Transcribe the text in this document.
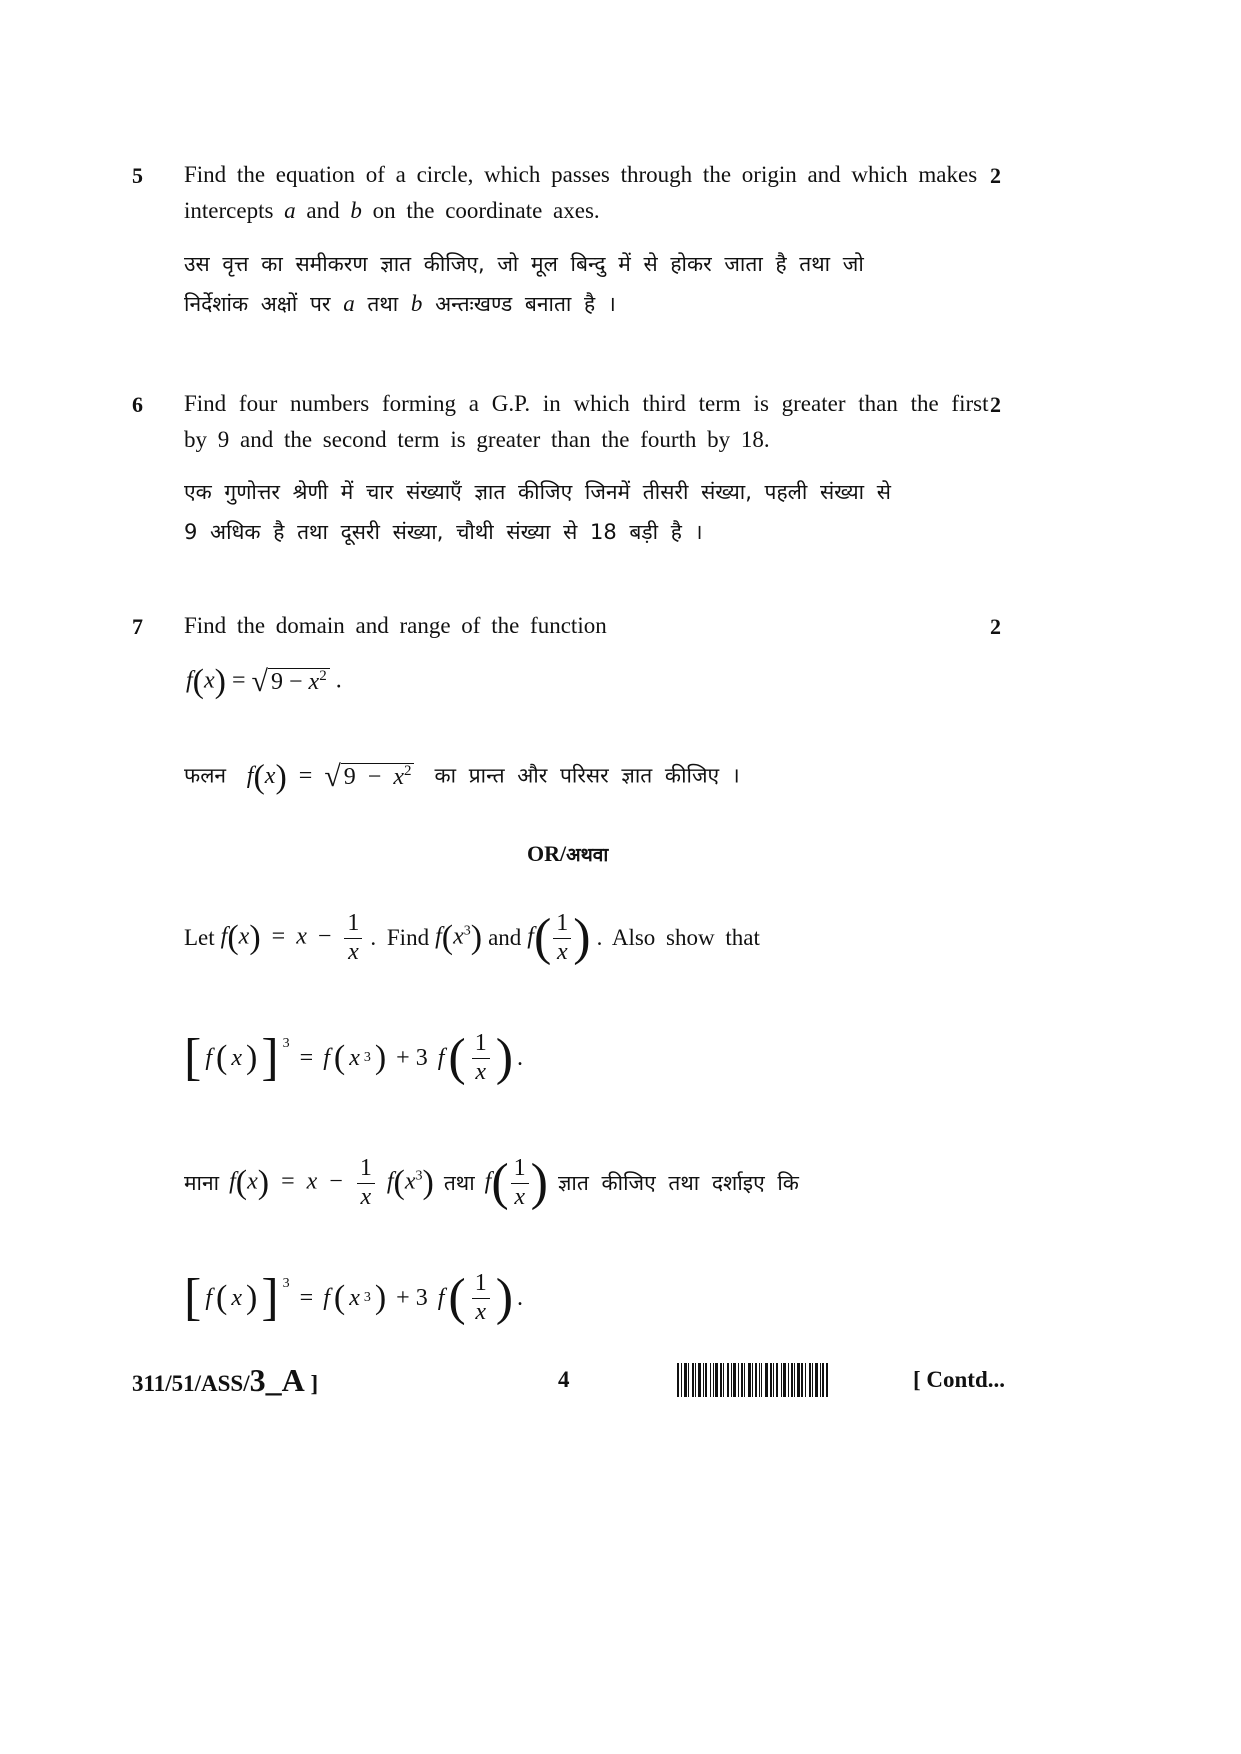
5	2
Find the equation of a circle, which passes through the origin and which makes
intercepts a and b on the coordinate axes.
उस वृत्त का समीकरण ज्ञात कीजिए, जो मूल बिन्दु में से होकर जाता है तथा जो
निर्देशांक अक्षों पर a तथा b अन्तःखण्ड बनाता है ।
6	2
Find four numbers forming a G.P. in which third term is greater than the first
by 9 and the second term is greater than the fourth by 18.
एक गुणोत्तर श्रेणी में चार संख्याएँ ज्ञात कीजिए जिनमें तीसरी संख्या, पहली संख्या से
9 अधिक है तथा दूसरी संख्या, चौथी संख्या से 18 बड़ी है ।
7	2
Find the domain and range of the function
f(x) = √ $9 - x^2$ .
फलन f(x) = √ $9 - x^2$ का प्रान्त और परिसर ज्ञात कीजिए ।
OR/अथवा
Let $f(x) = x - \frac{1}{x}$ . Find $f(x^3)$ and $f( \frac{1}{x}$ ) . Also show that
[ f ( x ) ] $^3$
= f ( x 3 ) + 3 f ( $\frac{1}{x}$ ) .
माना $f(x) = x - \frac{1}{x} f(x^3)$ तथा $f( \frac{1}{x}$ ) ज्ञात कीजिए तथा दर्शाइए कि
[ f ( x ) ] $^3$
= f ( x 3 ) + 3 f ( $\frac{1}{x}$ ) .
311/51/ASS/3_A ]	4	[ Contd...
